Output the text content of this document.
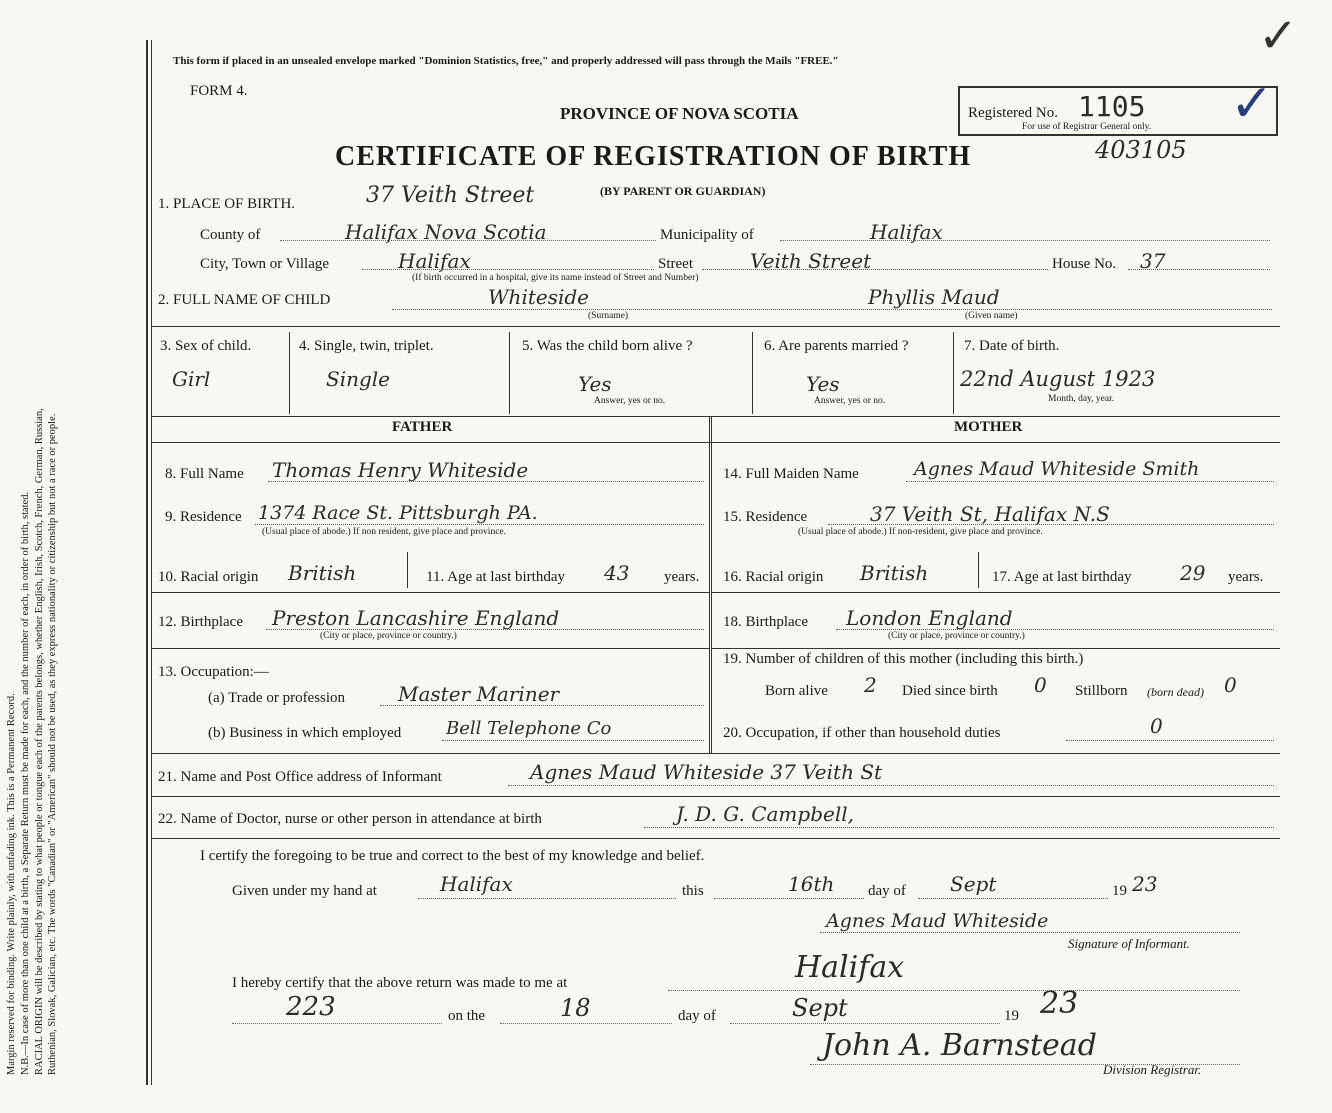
Margin reserved for binding. Write plainly, with unfading ink. This is a Permanent Record. N.B.—In case of more than one child at a birth, a Separate Return must be made for each, and the number of each, in order of birth, stated. RACIAL ORIGIN will be described by stating to what people or tongue each of the parents belongs, whether English, Irish, Scotch, French, German, Russian, Ruthenian, Slovak, Galician, etc. The words "Canadian" or "American" should not be used, as they express nationality or citizenship but not a race or people.
This form if placed in an unsealed envelope marked "Dominion Statistics, free," and properly addressed will pass through the Mails "FREE."
FORM 4.
PROVINCE OF NOVA SCOTIA
CERTIFICATE OF REGISTRATION OF BIRTH	403105
✓
Registered No. 1105
For use of Registrar General only. ✓
1. PLACE OF BIRTH.	37 Veith Street	(BY PARENT OR GUARDIAN)
County of	Halifax Nova Scotia	Municipality of	Halifax
City, Town or Village	Halifax	Street	Veith Street	House No. 37
(If birth occurred in a hospital, give its name instead of Street and Number)
2. FULL NAME OF CHILD	Whiteside	Phyllis Maud
(Surname)	(Given name)
3. Sex of child.
Girl
4. Single, twin, triplet.
Single
5. Was the child born alive ?
Yes
Answer, yes or no.
6. Are parents married ?
Yes
Answer, yes or no.
7. Date of birth.
22nd August 1923
Month, day, year.
FATHER	MOTHER
8. Full Name Thomas Henry Whiteside
9. Residence 1374 Race St. Pittsburgh PA.
(Usual place of abode.) If non resident, give place and province.
10. Racial origin British	11. Age at last birthday 43 years.
12. Birthplace Preston Lancashire England
(City or place, province or country.)
13. Occupation:—
(a) Trade or profession	Master Mariner
(b) Business in which employed Bell Telephone Co
14. Full Maiden Name	Agnes Maud Whiteside Smith
15. Residence	37 Veith St, Halifax N.S
(Usual place of abode.) If non-resident, give place and province.
16. Racial origin British	17. Age at last birthday 29 years.
18. Birthplace London England
(City or place, province or country.)
19. Number of children of this mother (including this birth.)
Born alive 2 Died since birth 0 Stillborn (born dead) 0
20. Occupation, if other than household duties	0
21. Name and Post Office address of Informant	Agnes Maud Whiteside 37 Veith St
22. Name of Doctor, nurse or other person in attendance at birth	J. D. G. Campbell,
I certify the foregoing to be true and correct to the best of my knowledge and belief.
Given under my hand at	Halifax	this	16th day of Sept	19 23
Agnes Maud Whiteside
Signature of Informant.
I hereby certify that the above return was made to me at	Halifax
223	on the	18	day of	Sept	19 23
John A. Barnstead
Division Registrar.
